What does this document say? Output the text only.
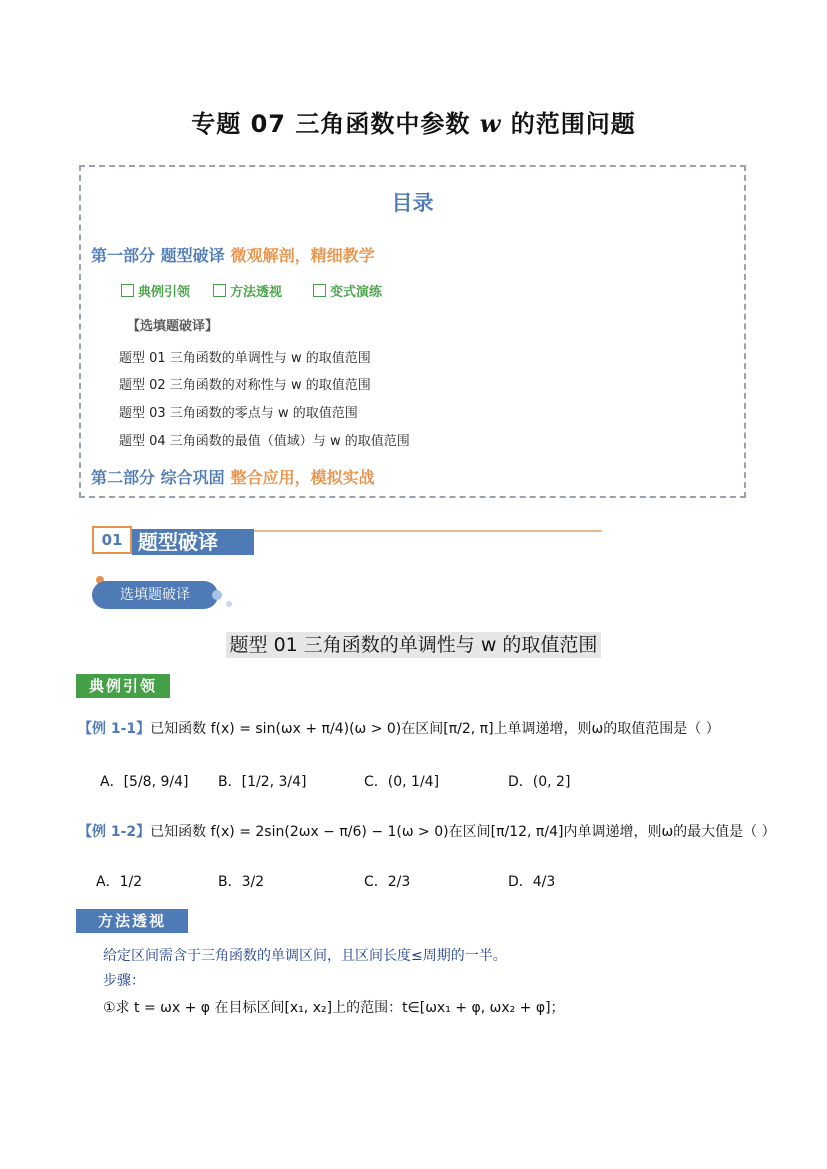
专题 07 三角函数中参数 w 的范围问题
目录
第一部分 题型破译 微观解剖，精细教学
典例引领	方法透视	变式演练
【选填题破译】
题型 01 三角函数的单调性与 w 的取值范围
题型 02 三角函数的对称性与 w 的取值范围
题型 03 三角函数的零点与 w 的取值范围
题型 04 三角函数的最值（值域）与 w 的取值范围
第二部分 综合巩固 整合应用，模拟实战
题型破译
01
选填题破译
题型 01 三角函数的单调性与 w 的取值范围
典例引领
【例 1-1】已知函数 f(x) = sin(ωx + π/4)(ω > 0)在区间[π/2, π]上单调递增，则ω的取值范围是（ ）
A．[5/8, 9/4] B．[1/2, 3/4]	C．(0, 1/4]	D．(0, 2]
【例 1-2】已知函数 f(x) = 2sin(2ωx − π/6) − 1(ω > 0)在区间[π/12, π/4]内单调递增，则ω的最大值是（ ）
A．1/2	B．3/2	C．2/3	D．4/3
方法透视
给定区间需含于三角函数的单调区间，且区间长度≤周期的一半。
步骤：
①求 t = ωx + φ 在目标区间[x₁, x₂]上的范围：t∈[ωx₁ + φ, ωx₂ + φ]；
